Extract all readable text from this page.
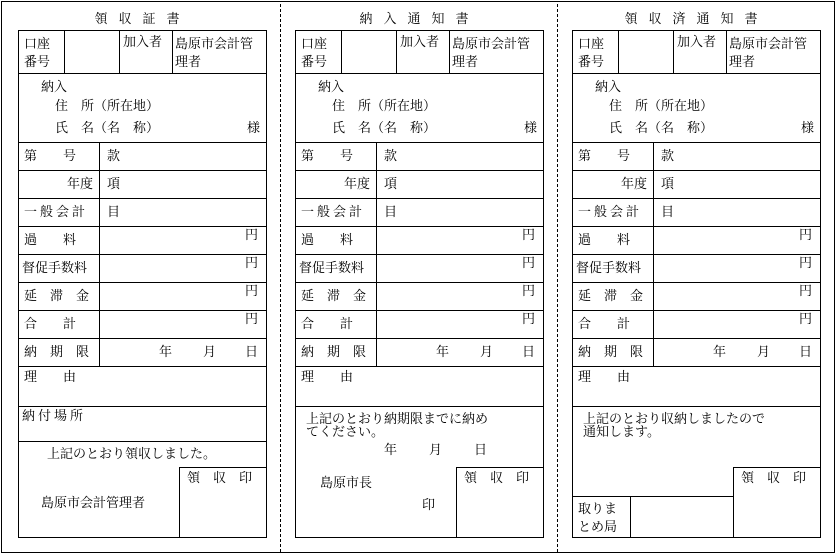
領収証書	納入通知書	領収済通知書
口座
番号
加入者 島原市会計管
理者
納入
住　所（所在地）
氏　名（名　称）	様
第　　号	款
年度 項
一般会計 目
過　　料	円
督促手数料	円
延　滞　金	円
合　　計	円
納　期　限	年 月 日
理　　由
納付場所
上記のとおり領収しました。
領　収　印
島原市会計管理者
口座
番号
加入者 島原市会計管
理者
納入
住　所（所在地）
氏　名（名　称）	様
第　　号 款
年度 項
一般会計 目
過　　料	円
督促手数料	円
延　滞　金	円
合　　計	円
納　期　限	年 月 日
理　　由
上記のとおり納期限までに納め
てください。
年 月 日
領　収　印
島原市長
印
口座
番号
加入者 島原市会計管
理者
納入
住　所（所在地）
氏　名（名　称）	様
第　　号 款
年度 項
一般会計 目
過　　料	円
督促手数料	円
延　滞　金	円
合　　計	円
納　期　限	年 月 日
理　　由
上記のとおり収納しましたので
通知します。
領　収　印
取りま
とめ局
